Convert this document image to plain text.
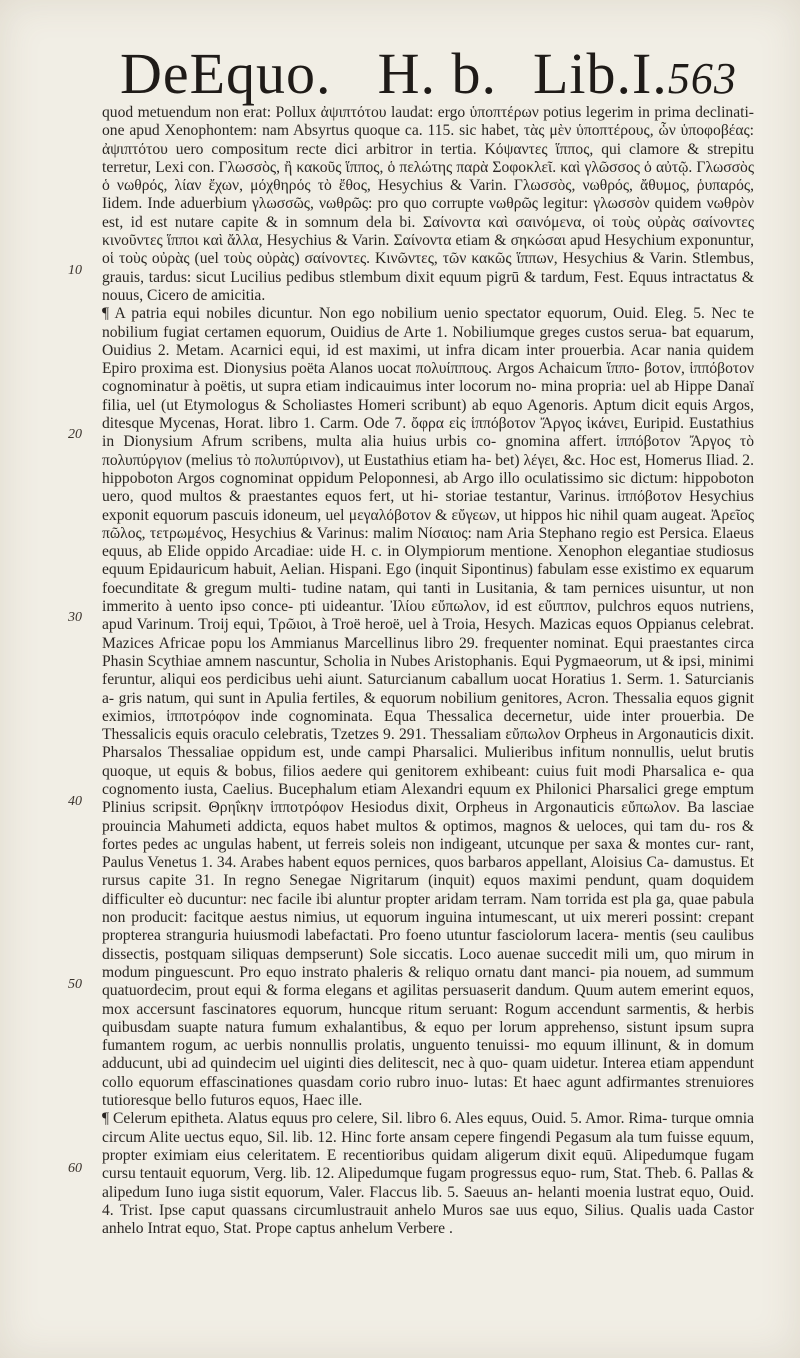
DeEquo. H. b. Lib.I. 563
10
20
30
40
50
60

quod metuendum non erat: Pollux ἀψιπτότου laudat: ergo ὑποπτέρων potius legerim in prima declinati- one apud Xenophontem: nam Absyrtus quoque ca. 115. sic habet, τὰς μὲν ὑποπτέρους, ὧν ὑποφοβέας: ἀψιπτότου uero compositum recte dici arbitror in tertia. Κόψαντες ἵππος, qui clamore & strepitu terretur, Lexi con. Γλωσσὸς, ἢ κακοῦς ἵππος, ὁ πελώτης παρὰ Σοφοκλεῖ. καὶ γλῶσσος ὁ αὐτῷ. Γλωσσὸς ὁ νωθρός, λίαν ἔχων, μόχθηρός τὸ ἔθος, Hesychius & Varin. Γλωσσὸς, νωθρός, ἄθυμος, ῥυπαρός, Iidem. Inde aduerbium γλωσσῶς, νωθρῶς: pro quo corrupte νωθρῶς legitur: γλωσσὸν quidem νωθρὸν est, id est nutare capite & in somnum dela bi. Σαίνοντα καὶ σαινόμενα, οἱ τοὺς οὐρὰς σαίνοντες κινοῦντες ἵπποι καὶ ἄλλα, Hesychius & Varin. Σαίνοντα etiam & σηκώσαι apud Hesychium exponuntur, οἱ τοὺς οὐρὰς (uel τοὺς οὐρὰς) σαίνοντες. Κινῶντες, τῶν κακῶς ἵππων, Hesychius & Varin. Stlembus, grauis, tardus: sicut Lucilius pedibus stlembum dixit equum pigrū & tardum, Fest. Equus intractatus & nouus, Cicero de amicitia.

¶ A patria equi nobiles dicuntur. Non ego nobilium uenio spectator equorum, Ouid. Eleg. 5. Nec te nobilium fugiat certamen equorum, Ouidius de Arte 1. Nobiliumque greges custos serua- bat equarum, Ouidius 2. Metam. Acarnici equi, id est maximi, ut infra dicam inter prouerbia. Acar nania quidem Epiro proxima est. Dionysius poëta Alanos uocat πολυίππους. Argos Achaicum ἵππο- βοτον, ἱππόβοτον cognominatur à poëtis, ut supra etiam indicauimus inter locorum no- mina propria: uel ab Hippe Danaï filia, uel (ut Etymologus & Scholiastes Homeri scribunt) ab equo Agenoris. Aptum dicit equis Argos, ditesque Mycenas, Horat. libro 1. Carm. Ode 7. ὄφρα εἰς ἱππόβοτον Ἄργος ἱκάνει, Euripid. Eustathius in Dionysium Afrum scribens, multa alia huius urbis co- gnomina affert. ἱππόβοτον Ἄργος τὸ πολυπύργιον (melius τὸ πολυπύρινον), ut Eustathius etiam ha- bet) λέγει, &c. Hoc est, Homerus Iliad. 2. hippoboton Argos cognominat oppidum Peloponnesi, ab Argo illo oculatissimo sic dictum: hippoboton uero, quod multos & praestantes equos fert, ut hi- storiae testantur, Varinus. ἱππόβοτον Hesychius exponit equorum pascuis idoneum, uel μεγαλόβοτον & εὔγεων, ut hippos hic nihil quam augeat. Ἀρεῖος πῶλος, τετρωμένος, Hesychius & Varinus: malim Νίσαιος: nam Aria Stephano regio est Persica. Elaeus equus, ab Elide oppido Arcadiae: uide H. c. in Olympiorum mentione. Xenophon elegantiae studiosus equum Epidauricum habuit, Aelian. Hispani. Ego (inquit Sipontinus) fabulam esse existimo ex equarum foecunditate & gregum multi- tudine natam, qui tanti in Lusitania, & tam pernices uisuntur, ut non immerito à uento ipso conce- pti uideantur. Ἰλίου εὔπωλον, id est εὔιππον, pulchros equos nutriens, apud Varinum. Troij equi, Τρῶιοι, à Troë heroë, uel à Troia, Hesych. Mazicas equos Oppianus celebrat. Mazices Africae popu los Ammianus Marcellinus libro 29. frequenter nominat. Equi praestantes circa Phasin Scythiae amnem nascuntur, Scholia in Nubes Aristophanis. Equi Pygmaeorum, ut & ipsi, minimi feruntur, aliqui eos perdicibus uehi aiunt. Saturcianum caballum uocat Horatius 1. Serm. 1. Saturcianis a- gris natum, qui sunt in Apulia fertiles, & equorum nobilium genitores, Acron. Thessalia equos gignit eximios, ἱπποτρόφον inde cognominata. Equa Thessalica decernetur, uide inter prouerbia. De Thessalicis equis oraculo celebratis, Tzetzes 9. 291. Thessaliam εὔπωλον Orpheus in Argonauticis dixit. Pharsalos Thessaliae oppidum est, unde campi Pharsalici. Mulieribus infitum nonnullis, uelut brutis quoque, ut equis & bobus, filios aedere qui genitorem exhibeant: cuius fuit modi Pharsalica e- qua cognomento iusta, Caelius. Bucephalum etiam Alexandri equum ex Philonici Pharsalici grege emptum Plinius scripsit. Θρηΐκην ἱπποτρόφον Hesiodus dixit, Orpheus in Argonauticis εὔπωλον. Ba lasciae prouincia Mahumeti addicta, equos habet multos & optimos, magnos & ueloces, qui tam du- ros & fortes pedes ac ungulas habent, ut ferreis soleis non indigeant, utcunque per saxa & montes cur- rant, Paulus Venetus 1. 34. Arabes habent equos pernices, quos barbaros appellant, Aloisius Ca- damustus. Et rursus capite 31. In regno Senegae Nigritarum (inquit) equos maximi pendunt, quam doquidem difficulter eò ducuntur: nec facile ibi aluntur propter aridam terram. Nam torrida est pla ga, quae pabula non producit: facitque aestus nimius, ut equorum inguina intumescant, ut uix mereri possint: crepant propterea stranguria huiusmodi labefactati. Pro foeno utuntur fasciolorum lacera- mentis (seu caulibus dissectis, postquam siliquas dempserunt) Sole siccatis. Loco auenae succedit mili um, quo mirum in modum pinguescunt. Pro equo instrato phaleris & reliquo ornatu dant manci- pia nouem, ad summum quatuordecim, prout equi & forma elegans et agilitas persuaserit dandum. Quum autem emerint equos, mox accersunt fascinatores equorum, huncque ritum seruant: Rogum accendunt sarmentis, & herbis quibusdam suapte natura fumum exhalantibus, & equo per lorum apprehenso, sistunt ipsum supra fumantem rogum, ac uerbis nonnullis prolatis, unguento tenuissi- mo equum illinunt, & in domum adducunt, ubi ad quindecim uel uiginti dies delitescit, nec à quo- quam uidetur. Interea etiam appendunt collo equorum effascinationes quasdam corio rubro inuo- lutas: Et haec agunt adfirmantes strenuiores tutioresque bello futuros equos, Haec ille.

¶ Celerum epitheta. Alatus equus pro celere, Sil. libro 6. Ales equus, Ouid. 5. Amor. Rima- turque omnia circum Alite uectus equo, Sil. lib. 12. Hinc forte ansam cepere fingendi Pegasum ala tum fuisse equum, propter eximiam eius celeritatem. E recentioribus quidam aligerum dixit equū. Alipedumque fugam cursu tentauit equorum, Verg. lib. 12. Alipedumque fugam progressus equo- rum, Stat. Theb. 6. Pallas & alipedum Iuno iuga sistit equorum, Valer. Flaccus lib. 5. Saeuus an- helanti moenia lustrat equo, Ouid. 4. Trist. Ipse caput quassans circumlustrauit anhelo Muros sae uus equo, Silius. Qualis uada Castor anhelo Intrat equo, Stat. Prope captus anhelum Verbere .
